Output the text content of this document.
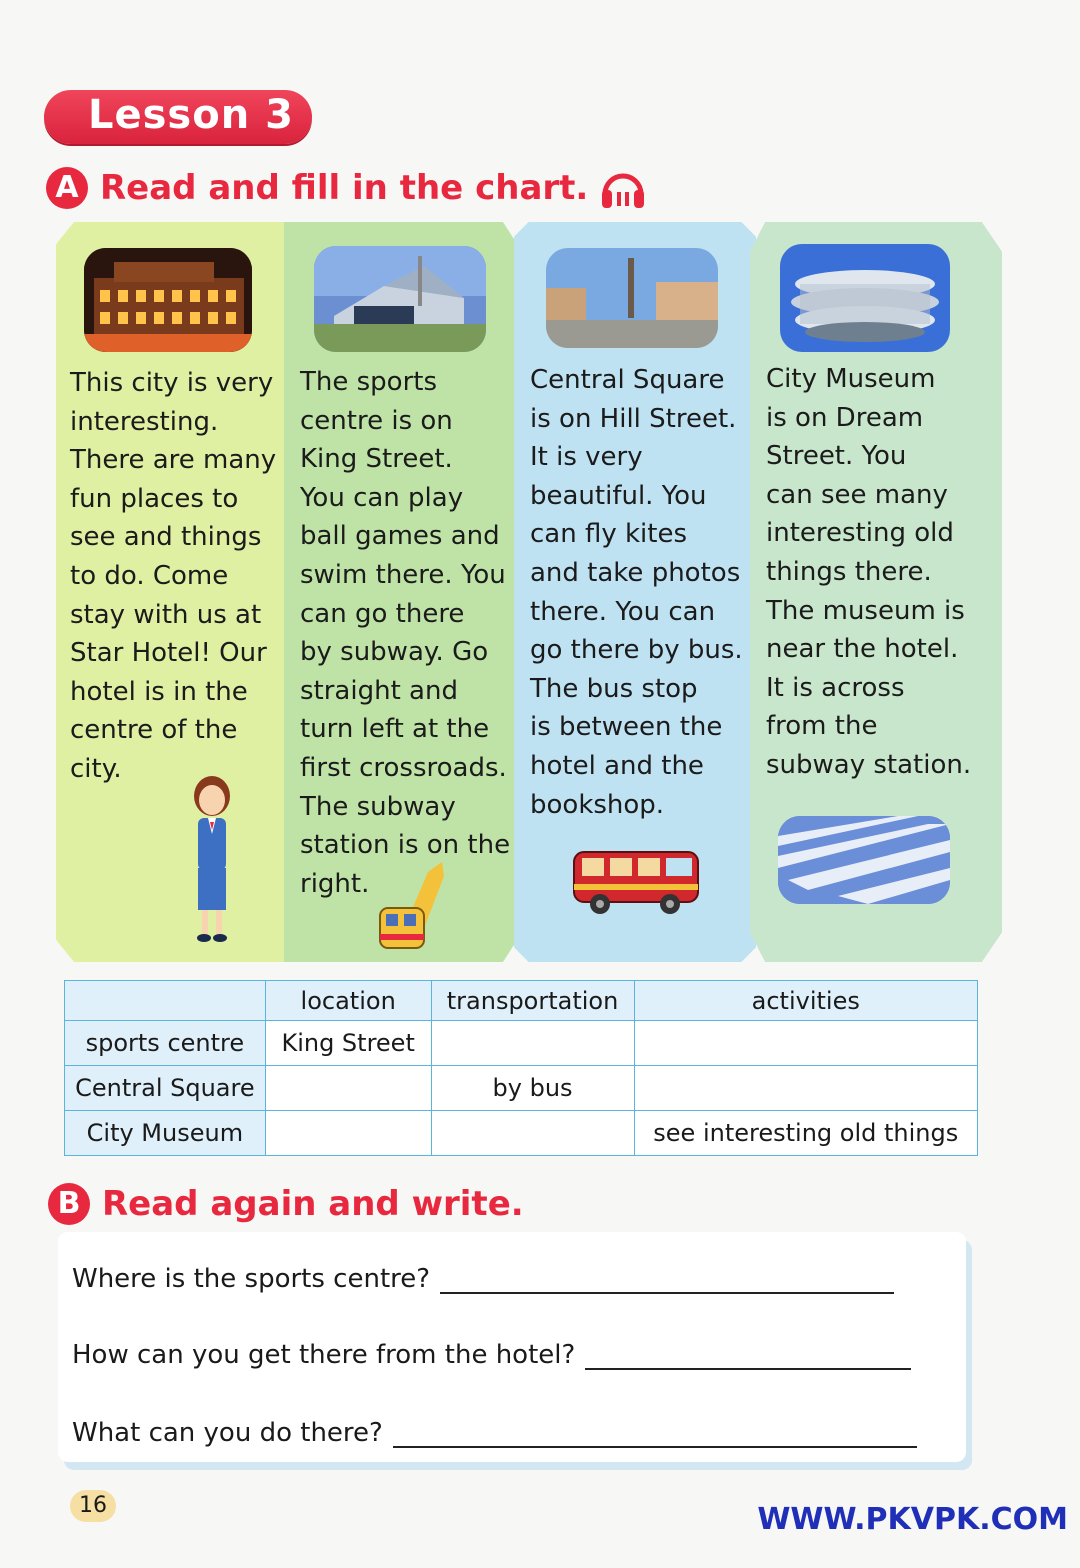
Lesson 3
A Read and fill in the chart.

This city is very
interesting.
There are many
fun places to
see and things
to do. Come
stay with us at
Star Hotel! Our
hotel is in the
centre of the
city.

The sports
centre is on
King Street.
You can play
ball games and
swim there. You
can go there
by subway. Go
straight and
turn left at the
first crossroads.
The subway
station is on the
right.

Central Square
is on Hill Street.
It is very
beautiful. You
can fly kites
and take photos
there. You can
go there by bus.
The bus stop
is between the
hotel and the
bookshop.

City Museum
is on Dream
Street. You
can see many
interesting old
things there.
The museum is
near the hotel.
It is across
from the
subway station.

	location	transportation	activities
sports centre	King Street		
Central Square		by bus	
City Museum			see interesting old things
B Read again and write.
Where is the sports centre?
How can you get there from the hotel?
What can you do there?
16	WWW.PKVPK.COM
